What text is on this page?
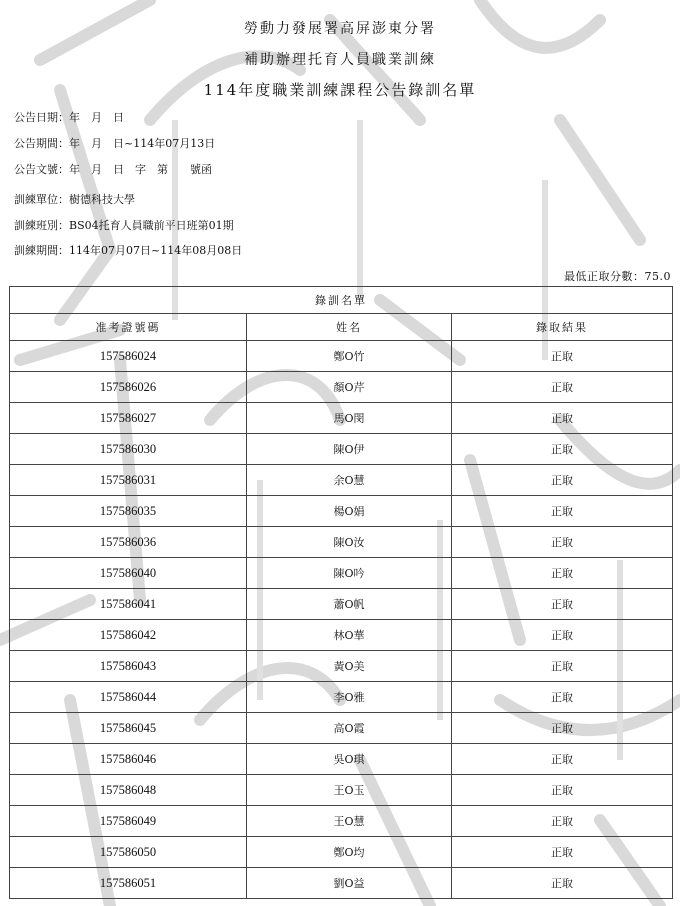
勞動力發展署高屏澎東分署
補助辦理托育人員職業訓練
114年度職業訓練課程公告錄訓名單
公告日期：年　月　日
公告期間：年　月　日~114年07月13日
公告文號：年　月　日　字　第　　號函
訓練單位：樹德科技大學
訓練班別：BS04托育人員職前平日班第01期
訓練期間：114年07月07日~114年08月08日
最低正取分數：75.0
錄訓名單		
准考證號碼	姓名	錄取結果
157586024	鄭O竹	正取
157586026	顏O芹	正取
157586027	馬O閔	正取
157586030	陳O伊	正取
157586031	余O慧	正取
157586035	楊O娟	正取
157586036	陳O汝	正取
157586040	陳O吟	正取
157586041	蕭O帆	正取
157586042	林O華	正取
157586043	黃O美	正取
157586044	李O雅	正取
157586045	高O霞	正取
157586046	吳O琪	正取
157586048	王O玉	正取
157586049	王O慧	正取
157586050	鄭O均	正取
157586051	劉O益	正取
